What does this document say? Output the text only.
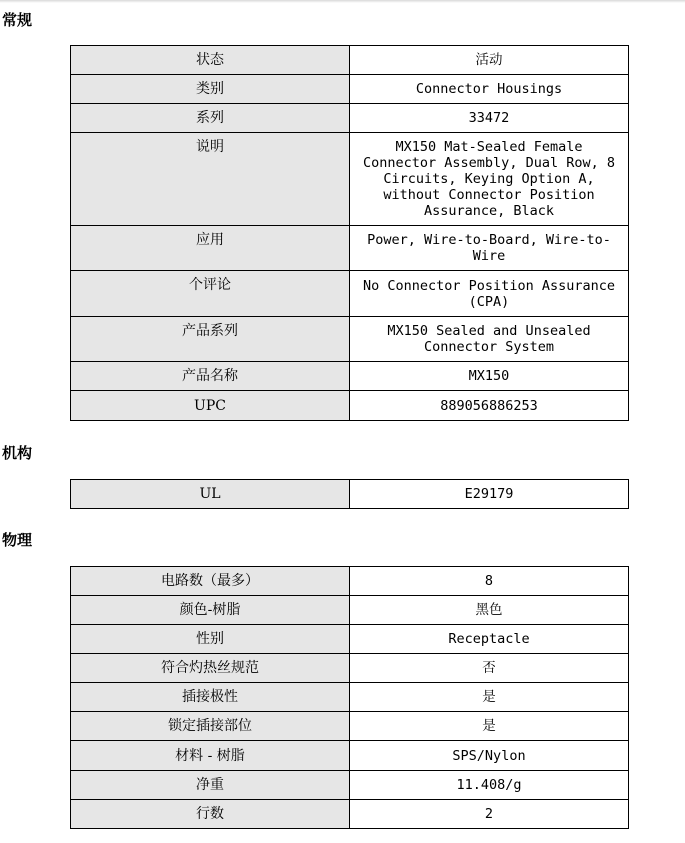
常规
状态	活动
类别	Connector Housings
系列	33472
说明	MX150 Mat-Sealed Female Connector Assembly, Dual Row, 8 Circuits, Keying Option A, without Connector Position Assurance, Black
应用	Power, Wire-to-Board, Wire-to-Wire
个评论	No Connector Position Assurance (CPA)
产品系列	MX150 Sealed and Unsealed Connector System
产品名称	MX150
UPC	889056886253
机构
UL	E29179
物理
电路数（最多）	8
颜色-树脂	黑色
性别	Receptacle
符合灼热丝规范	否
插接极性	是
锁定插接部位	是
材料 - 树脂	SPS/Nylon
净重	11.408/g
行数	2
